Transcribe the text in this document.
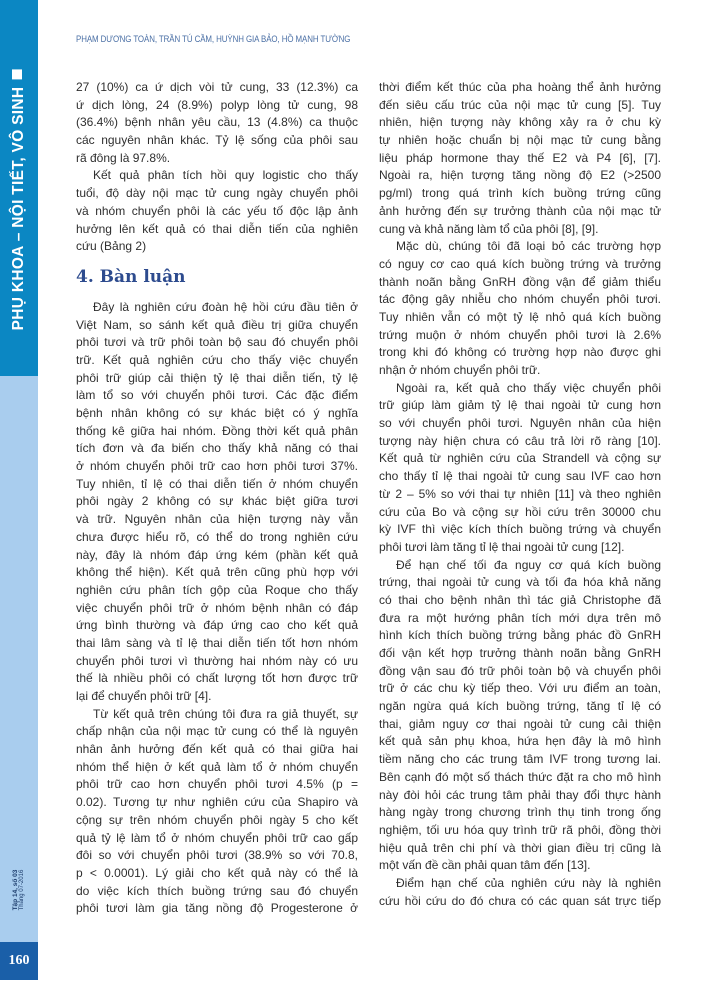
PHỤ KHOA – NỘI TIẾT, VÔ SINH
Tập 14, số 03 Tháng 07-2016
160
PHẠM DƯƠNG TOÀN, TRẦN TÚ CẦM, HUỲNH GIA BẢO, HỒ MẠNH TƯỜNG
27 (10%) ca ứ dịch vòi tử cung, 33 (12.3%) ca
ứ dịch lòng, 24 (8.9%) polyp lòng tử cung, 98
(36.4%) bệnh nhân yêu cầu, 13 (4.8%) ca thuộc
các nguyên nhân khác. Tỷ lệ sống của phôi sau
rã đông là 97.8%.
Kết quả phân tích hồi quy logistic cho thấy
tuổi, độ dày nội mạc tử cung ngày chuyển phôi
và nhóm chuyển phôi là các yếu tố độc lập ảnh
hưởng lên kết quả có thai diễn tiến của nghiên
cứu (Bảng 2)
4. Bàn luận
Đây là nghiên cứu đoàn hệ hồi cứu đầu tiên ở
Việt Nam, so sánh kết quả điều trị giữa chuyển
phôi tươi và trữ phôi toàn bộ sau đó chuyển phôi
trữ. Kết quả nghiên cứu cho thấy việc chuyển
phôi trữ giúp cải thiện tỷ lệ thai diễn tiến, tỷ lệ
làm tổ so với chuyển phôi tươi. Các đặc điểm
bệnh nhân không có sự khác biệt có ý nghĩa
thống kê giữa hai nhóm. Đồng thời kết quả phân
tích đơn và đa biến cho thấy khả năng có thai
ở nhóm chuyển phôi trữ cao hơn phôi tươi 37%.
Tuy nhiên, tỉ lệ có thai diễn tiến ở nhóm chuyển
phôi ngày 2 không có sự khác biệt giữa tươi
và trữ. Nguyên nhân của hiện tượng này vẫn
chưa được hiểu rõ, có thể do trong nghiên cứu
này, đây là nhóm đáp ứng kém (phần kết quả
không thể hiện). Kết quả trên cũng phù hợp với
nghiên cứu phân tích gộp của Roque cho thấy
việc chuyển phôi trữ ở nhóm bệnh nhân có đáp
ứng bình thường và đáp ứng cao cho kết quả
thai lâm sàng và tỉ lệ thai diễn tiến tốt hơn nhóm
chuyển phôi tươi vì thường hai nhóm này có ưu
thế là nhiều phôi có chất lượng tốt hơn được trữ
lại để chuyển phôi trữ [4].
Từ kết quả trên chúng tôi đưa ra giả thuyết, sự
chấp nhận của nội mạc tử cung có thể là nguyên
nhân ảnh hưởng đến kết quả có thai giữa hai
nhóm thể hiện ở kết quả làm tổ ở nhóm chuyển
phôi trữ cao hơn chuyển phôi tươi 4.5% (p =
0.02). Tương tự như nghiên cứu của Shapiro và
cộng sự trên nhóm chuyển phôi ngày 5 cho kết
quả tỷ lệ làm tổ ở nhóm chuyển phôi trữ cao gấp
đôi so với chuyển phôi tươi (38.9% so với 70.8,
p < 0.0001). Lý giải cho kết quả này có thể là
do việc kích thích buồng trứng sau đó chuyển
phôi tươi làm gia tăng nồng độ Progesterone ở
thời điểm kết thúc của pha hoàng thể ảnh hưởng
đến siêu cấu trúc của nội mạc tử cung [5]. Tuy
nhiên, hiện tượng này không xảy ra ở chu kỳ
tự nhiên hoặc chuẩn bị nội mạc tử cung bằng
liệu pháp hormone thay thế E2 và P4 [6], [7].
Ngoài ra, hiện tượng tăng nồng độ E2 (>2500
pg/ml) trong quá trình kích buồng trứng cũng
ảnh hưởng đến sự trưởng thành của nội mạc tử
cung và khả năng làm tổ của phôi [8], [9].
Mặc dù, chúng tôi đã loại bỏ các trường hợp
có nguy cơ cao quá kích buồng trứng và trưởng
thành noãn bằng GnRH đồng vận để giảm thiểu
tác động gây nhiễu cho nhóm chuyển phôi tươi.
Tuy nhiên vẫn có một tỷ lệ nhỏ quá kích buồng
trứng muộn ở nhóm chuyển phôi tươi là 2.6%
trong khi đó không có trường hợp nào được ghi
nhận ở nhóm chuyển phôi trữ.
Ngoài ra, kết quả cho thấy việc chuyển phôi
trữ giúp làm giảm tỷ lệ thai ngoài tử cung hơn
so với chuyển phôi tươi. Nguyên nhân của hiện
tượng này hiện chưa có câu trả lời rõ ràng [10].
Kết quả từ nghiên cứu của Strandell và cộng sự
cho thấy tỉ lệ thai ngoài tử cung sau IVF cao hơn
từ 2 – 5% so với thai tự nhiên [11] và theo nghiên
cứu của Bo và cộng sự hồi cứu trên 30000 chu
kỳ IVF thì việc kích thích buồng trứng và chuyển
phôi tươi làm tăng tỉ lệ thai ngoài tử cung [12].
Để hạn chế tối đa nguy cơ quá kích buồng
trứng, thai ngoài tử cung và tối đa hóa khả năng
có thai cho bệnh nhân thì tác giả Christophe đã
đưa ra một hướng phân tích mới dựa trên mô
hình kích thích buồng trứng bằng phác đồ GnRH
đối vận kết hợp trưởng thành noãn bằng GnRH
đồng vận sau đó trữ phôi toàn bộ và chuyển phôi
trữ ở các chu kỳ tiếp theo. Với ưu điểm an toàn,
ngăn ngừa quá kích buồng trứng, tăng tỉ lệ có
thai, giảm nguy cơ thai ngoài tử cung cải thiện
kết quả sản phụ khoa, hứa hẹn đây là mô hình
tiềm năng cho các trung tâm IVF trong tương lai.
Bên cạnh đó một số thách thức đặt ra cho mô hình
này đòi hỏi các trung tâm phải thay đổi thực hành
hàng ngày trong chương trình thụ tinh trong ống
nghiệm, tối ưu hóa quy trình trữ rã phôi, đồng thời
hiệu quả trên chi phí và thời gian điều trị cũng là
một vấn đề cần phải quan tâm đến [13].
Điểm hạn chế của nghiên cứu này là nghiên
cứu hồi cứu do đó chưa có các quan sát trực tiếp
